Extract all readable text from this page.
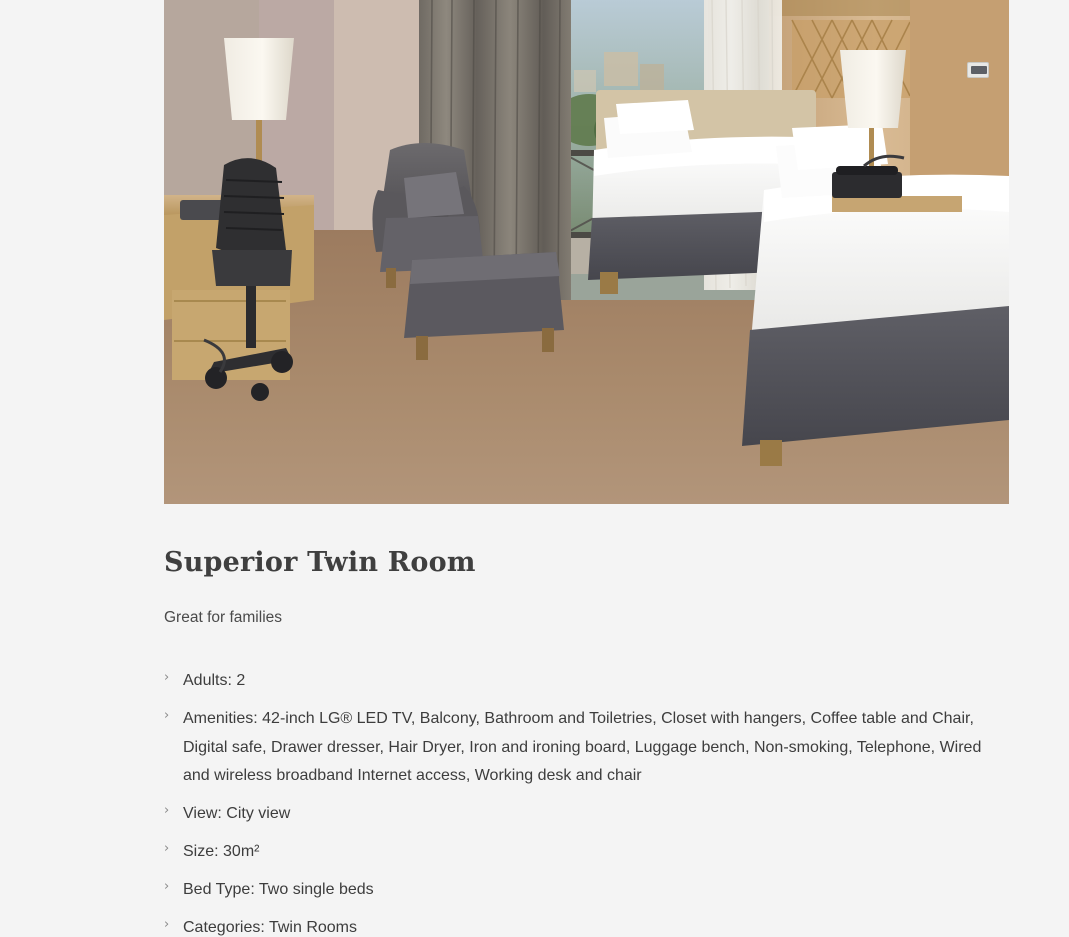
Superior Twin Room

Great for families

› Adults: 2
› Amenities: 42-inch LG® LED TV, Balcony, Bathroom and Toiletries, Closet with hangers, Coffee table and Chair, Digital safe, Drawer dresser, Hair Dryer, Iron and ironing board, Luggage bench, Non-smoking, Telephone, Wired and wireless broadband Internet access, Working desk and chair
› View: City view
› Size: 30m²
› Bed Type: Two single beds
› Categories: Twin Rooms
